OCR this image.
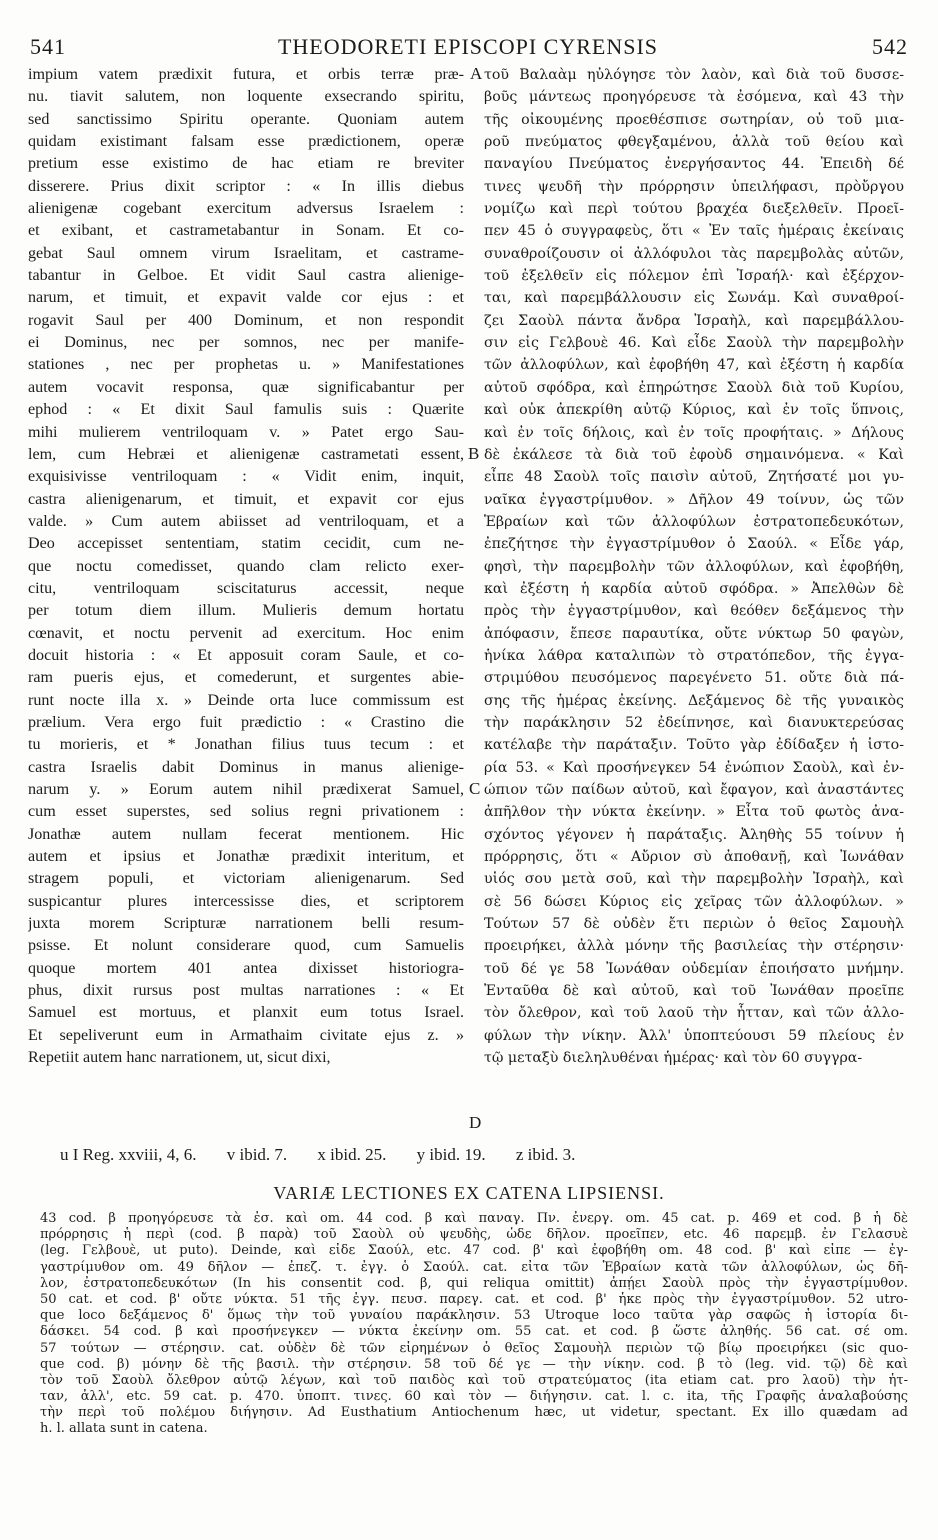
541	THEODORETI EPISCOPI CYRENSIS	542
impium vatem prædixit futura, et orbis terræ præ-
nu. tiavit salutem, non loquente exsecrando spiritu,
sed sanctissimo Spiritu operante. Quoniam autem
quidam existimant falsam esse prædictionem, operæ
pretium esse existimo de hac etiam re breviter
disserere. Prius dixit scriptor : « In illis diebus
alienigenæ cogebant exercitum adversus Israelem :
et exibant, et castrametabantur in Sonam. Et co-
gebat Saul omnem virum Israelitam, et castrame-
tabantur in Gelboe. Et vidit Saul castra alienige-
narum, et timuit, et expavit valde cor ejus : et
rogavit Saul per 400 Dominum, et non respondit
ei Dominus, nec per somnos, nec per manife-
stationes , nec per prophetas u. » Manifestationes
autem vocavit responsa, quæ significabantur per
ephod : « Et dixit Saul famulis suis : Quærite
mihi mulierem ventriloquam v. » Patet ergo Sau-
lem, cum Hebræi et alienigenæ castrametati essent,
exquisivisse ventriloquam : « Vidit enim, inquit,
castra alienigenarum, et timuit, et expavit cor ejus
valde. » Cum autem abiisset ad ventriloquam, et a
Deo accepisset sententiam, statim cecidit, cum ne-
que noctu comedisset, quando clam relicto exer-
citu, ventriloquam sciscitaturus accessit, neque
per totum diem illum. Mulieris demum hortatu
cœnavit, et noctu pervenit ad exercitum. Hoc enim
docuit historia : « Et apposuit coram Saule, et co-
ram pueris ejus, et comederunt, et surgentes abie-
runt nocte illa x. » Deinde orta luce commissum est
prælium. Vera ergo fuit prædictio : « Crastino die
tu morieris, et * Jonathan filius tuus tecum : et
castra Israelis dabit Dominus in manus alienige-
narum y. » Eorum autem nihil prædixerat Samuel,
cum esset superstes, sed solius regni privationem :
Jonathæ autem nullam fecerat mentionem. Hic
autem et ipsius et Jonathæ prædixit interitum, et
stragem populi, et victoriam alienigenarum. Sed
suspicantur plures intercessisse dies, et scriptorem
juxta morem Scripturæ narrationem belli resum-
psisse. Et nolunt considerare quod, cum Samuelis
quoque mortem 401 antea dixisset historiogra-
phus, dixit rursus post multas narrationes : « Et
Samuel est mortuus, et planxit eum totus Israel.
Et sepeliverunt eum in Armathaim civitate ejus z. »
Repetiit autem hanc narrationem, ut, sicut dixi,
τοῦ Βαλαὰμ ηὐλόγησε τὸν λαὸν, καὶ διὰ τοῦ δυσσε-
βοῦς μάντεως προηγόρευσε τὰ ἐσόμενα, καὶ 43 τὴν
τῆς οἰκουμένης προεθέσπισε σωτηρίαν, οὐ τοῦ μια-
ροῦ πνεύματος φθεγξαμένου, ἀλλὰ τοῦ θείου καὶ
παναγίου Πνεύματος ἐνεργήσαντος 44. Ἐπειδὴ δέ
τινες ψευδῆ τὴν πρόρρησιν ὑπειλήφασι, πρὸὔργου
νομίζω καὶ περὶ τούτου βραχέα διεξελθεῖν. Προεῖ-
πεν 45 ὁ συγγραφεὺς, ὅτι « Ἐν ταῖς ἡμέραις ἐκείναις
συναθροίζουσιν οἱ ἀλλόφυλοι τὰς παρεμβολὰς αὐτῶν,
τοῦ ἐξελθεῖν εἰς πόλεμον ἐπὶ Ἰσραήλ· καὶ ἐξέρχον-
ται, καὶ παρεμβάλλουσιν εἰς Σωνάμ. Καὶ συναθροί-
ζει Σαοὺλ πάντα ἄνδρα Ἰσραὴλ, καὶ παρεμβάλλου-
σιν εἰς Γελβουὲ 46. Καὶ εἶδε Σαοὺλ τὴν παρεμβολὴν
τῶν ἀλλοφύλων, καὶ ἐφοβήθη 47, καὶ ἐξέστη ἡ καρδία
αὐτοῦ σφόδρα, καὶ ἐπηρώτησε Σαοὺλ διὰ τοῦ Κυρίου,
καὶ οὐκ ἀπεκρίθη αὐτῷ Κύριος, καὶ ἐν τοῖς ὕπνοις,
καὶ ἐν τοῖς δήλοις, καὶ ἐν τοῖς προφήταις. » Δήλους
δὲ ἐκάλεσε τὰ διὰ τοῦ ἐφοὺδ σημαινόμενα. « Καὶ
εἶπε 48 Σαοὺλ τοῖς παισὶν αὐτοῦ, Ζητήσατέ μοι γυ-
ναῖκα ἐγγαστρίμυθον. » Δῆλον 49 τοίνυν, ὡς τῶν
Ἑβραίων καὶ τῶν ἀλλοφύλων ἐστρατοπεδευκότων,
ἐπεζήτησε τὴν ἐγγαστρίμυθον ὁ Σαούλ. « Εἶδε γάρ,
φησὶ, τὴν παρεμβολὴν τῶν ἀλλοφύλων, καὶ ἐφοβήθη,
καὶ ἐξέστη ἡ καρδία αὐτοῦ σφόδρα. » Ἀπελθὼν δὲ
πρὸς τὴν ἐγγαστρίμυθον, καὶ θεόθεν δεξάμενος τὴν
ἀπόφασιν, ἔπεσε παραυτίκα, οὔτε νύκτωρ 50 φαγὼν,
ἡνίκα λάθρα καταλιπὼν τὸ στρατόπεδον, τῆς ἐγγα-
στριμύθου πευσόμενος παρεγένετο 51. οὔτε διὰ πά-
σης τῆς ἡμέρας ἐκείνης. Δεξάμενος δὲ τῆς γυναικὸς
τὴν παράκλησιν 52 ἐδείπνησε, καὶ διανυκτερεύσας
κατέλαβε τὴν παράταξιν. Τοῦτο γὰρ ἐδίδαξεν ἡ ἱστο-
ρία 53. « Καὶ προσήνεγκεν 54 ἐνώπιον Σαοὺλ, καὶ ἐν-
ώπιον τῶν παίδων αὐτοῦ, καὶ ἔφαγον, καὶ ἀναστάντες
ἀπῆλθον τὴν νύκτα ἐκείνην. » Εἶτα τοῦ φωτὸς ἀνα-
σχόντος γέγονεν ἡ παράταξις. Ἀληθὴς 55 τοίνυν ἡ
πρόρρησις, ὅτι « Αὔριον σὺ ἀποθανῇ, καὶ Ἰωνάθαν
υἱός σου μετὰ σοῦ, καὶ τὴν παρεμβολὴν Ἰσραὴλ, καὶ
σὲ 56 δώσει Κύριος εἰς χεῖρας τῶν ἀλλοφύλων. »
Τούτων 57 δὲ οὐδὲν ἔτι περιὼν ὁ θεῖος Σαμουὴλ
προειρήκει, ἀλλὰ μόνην τῆς βασιλείας τὴν στέρησιν·
τοῦ δέ γε 58 Ἰωνάθαν οὐδεμίαν ἐποιήσατο μνήμην.
Ἐνταῦθα δὲ καὶ αὐτοῦ, καὶ τοῦ Ἰωνάθαν προεῖπε
τὸν ὄλεθρον, καὶ τοῦ λαοῦ τὴν ἧτταν, καὶ τῶν ἀλλο-
φύλων τὴν νίκην. Ἀλλ' ὑποπτεύουσι 59 πλείους ἐν
τῷ μεταξὺ διεληλυθέναι ἡμέρας· καὶ τὸν 60 συγγρα-
A
B
C
D
u I Reg. xxviii, 4, 6. v ibid. 7. x ibid. 25. y ibid. 19. z ibid. 3.
VARIÆ LECTIONES EX CATENA LIPSIENSI.
43 cod. β προηγόρευσε τὰ ἐσ. καὶ om. 44 cod. β καὶ παναγ. Πν. ἐνεργ. om. 45 cat. p. 469 et cod. β ἡ δὲ
πρόρρησις ἡ περὶ (cod. β παρὰ) τοῦ Σαοὺλ οὐ ψευδὴς, ὧδε δῆλον. προεῖπεν, etc. 46 παρεμβ. ἐν Γελασυὲ
(leg. Γελβουὲ, ut puto). Deinde, καὶ εἶδε Σαούλ, etc. 47 cod. β' καὶ ἐφοβήθη om. 48 cod. β' καὶ εἶπε — ἐγ-
γαστρίμυθον om. 49 δῆλον — ἐπεζ. τ. ἐγγ. ὁ Σαούλ. cat. εἶτα τῶν Ἑβραίων κατὰ τῶν ἀλλοφύλων, ὡς δῆ-
λον, ἐστρατοπεδευκότων (In his consentit cod. β, qui reliqua omittit) ἀπῄει Σαοὺλ πρὸς τὴν ἐγγαστρίμυθον.
50 cat. et cod. β' οὔτε νύκτα. 51 τῆς ἐγγ. πευσ. παρεγ. cat. et cod. β' ἧκε πρὸς τὴν ἐγγαστρίμυθον. 52 utro-
que loco δεξάμενος δ' ὅμως τὴν τοῦ γυναίου παράκλησιν. 53 Utroque loco ταῦτα γὰρ σαφῶς ἡ ἱστορία δι-
δάσκει. 54 cod. β καὶ προσήνεγκεν — νύκτα ἐκείνην om. 55 cat. et cod. β ὥστε ἀληθής. 56 cat. σέ om.
57 τούτων — στέρησιν. cat. οὐδὲν δὲ τῶν εἰρημένων ὁ θεῖος Σαμουὴλ περιὼν τῷ βίῳ προειρήκει (sic quo-
que cod. β) μόνην δὲ τῆς βασιλ. τὴν στέρησιν. 58 τοῦ δέ γε — τὴν νίκην. cod. β τὸ (leg. vid. τῷ) δὲ καὶ
τὸν τοῦ Σαοὺλ ὄλεθρον αὐτῷ λέγων, καὶ τοῦ παιδὸς καὶ τοῦ στρατεύματος (ita etiam cat. pro λαοῦ) τὴν ἧτ-
ταν, ἀλλ', etc. 59 cat. p. 470. ὑποπτ. τινες. 60 καὶ τὸν — διήγησιν. cat. l. c. ita, τῆς Γραφῆς ἀναλαβούσης
τὴν περὶ τοῦ πολέμου διήγησιν. Ad Eusthatium Antiochenum hæc, ut videtur, spectant. Ex illo quædam ad
h. l. allata sunt in catena.
